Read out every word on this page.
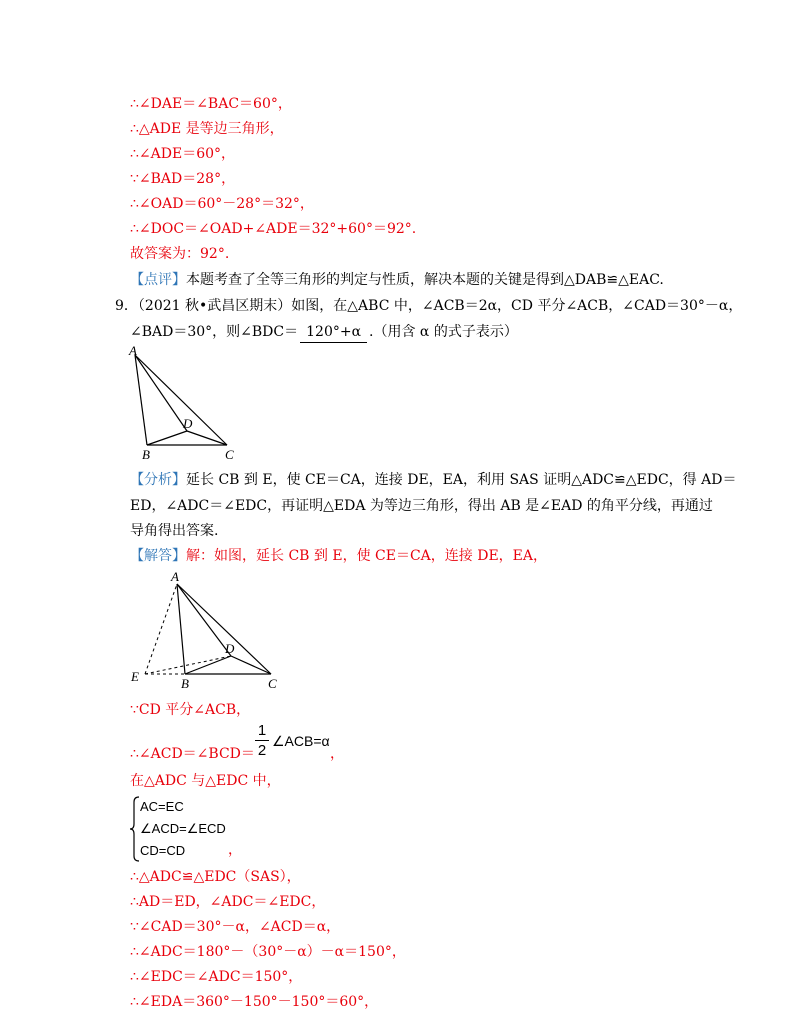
∴∠DAE＝∠BAC＝60°，
∴△ADE 是等边三角形，
∴∠ADE＝60°，
∵∠BAD＝28°，
∴∠OAD＝60°－28°＝32°，
∴∠DOC＝∠OAD+∠ADE＝32°+60°＝92°.
故答案为：92°.
【点评】本题考查了全等三角形的判定与性质，解决本题的关键是得到△DAB≌△EAC.
9．（2021 秋•武昌区期末）如图，在△ABC 中，∠ACB＝2α，CD 平分∠ACB，∠CAD＝30°－α，
∠BAD＝30°，则∠BDC＝ 120°+α .（用含 α 的式子表示）
A
B	C
D
【分析】延长 CB 到 E，使 CE＝CA，连接 DE，EA，利用 SAS 证明△ADC≌△EDC，得 AD＝
ED，∠ADC＝∠EDC，再证明△EDA 为等边三角形，得出 AB 是∠EAD 的角平分线，再通过
导角得出答案.
【解答】解：如图，延长 CB 到 E，使 CE＝CA，连接 DE，EA，
A
B	C
D
E
∵CD 平分∠ACB，
∴∠ACD＝∠BCD＝
1
2
∠ACB=α
，
在△ADC 与△EDC 中，
AC=EC
∠ACD=∠ECD
CD=CD	，
∴△ADC≌△EDC（SAS），
∴AD＝ED，∠ADC＝∠EDC，
∵∠CAD＝30°－α，∠ACD＝α，
∴∠ADC＝180°－（30°－α）－α＝150°，
∴∠EDC＝∠ADC＝150°，
∴∠EDA＝360°－150°－150°＝60°，
